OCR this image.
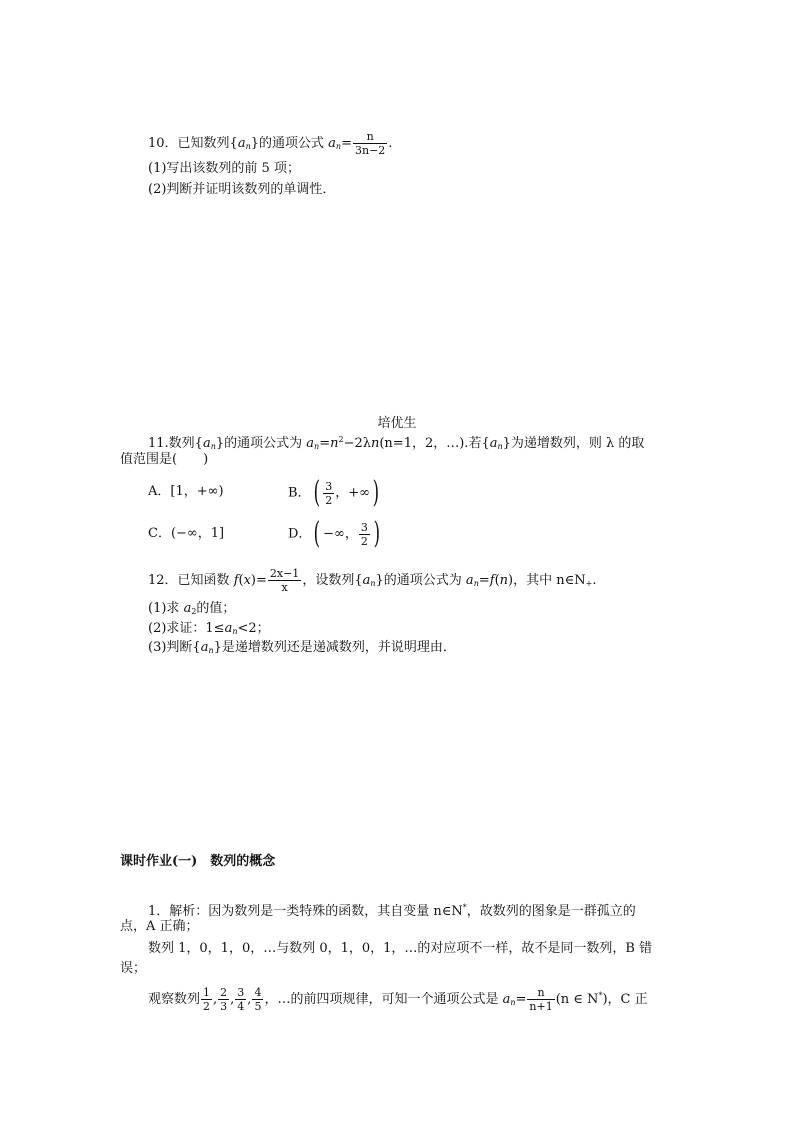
10．已知数列$\{a_n\}$的通项公式 $a_n= \frac{n}{3n-2}$ .
(1)写出该数列的前 5 项；
(2)判断并证明该数列的单调性．
培优生
11.数列$\{a_n\}$的通项公式为 $a_n=n^2-2\lambda n(n=1$，2，…).若$\{a_n\}$为递增数列，则 λ 的取
值范围是(　　)
A．[1，+∞)	B．( $\frac{3}{2}$ ，+∞)
C．(−∞，1]	D．( −∞， $\frac{3}{2}$ )
12．已知函数 $f(x)= \frac{2x-1}{x}$ ，设数列$\{a_n\}$的通项公式为 $a_n=f(n)$，其中 $n\in N_+$.
(1)求 $a_2$的值；
(2)求证：$1\le a_n<2$；
(3)判断$\{a_n\}$是递增数列还是递减数列，并说明理由．
课时作业(一)　数列的概念
1．解析：因为数列是一类特殊的函数，其自变量 n∈N*，故数列的图象是一群孤立的
点，A 正确；
数列 1，0，1，0，…与数列 0，1，0，1，…的对应项不一样，故不是同一数列，B 错
误；
观察数列 $\frac{1}{2}$ , $\frac{2}{3}$ , $\frac{3}{4}$ , $\frac{4}{5}$ ，…的前四项规律，可知一个通项公式是 $a_n= \frac{n}{n+1} (n$ ∈ N*)，C 正
